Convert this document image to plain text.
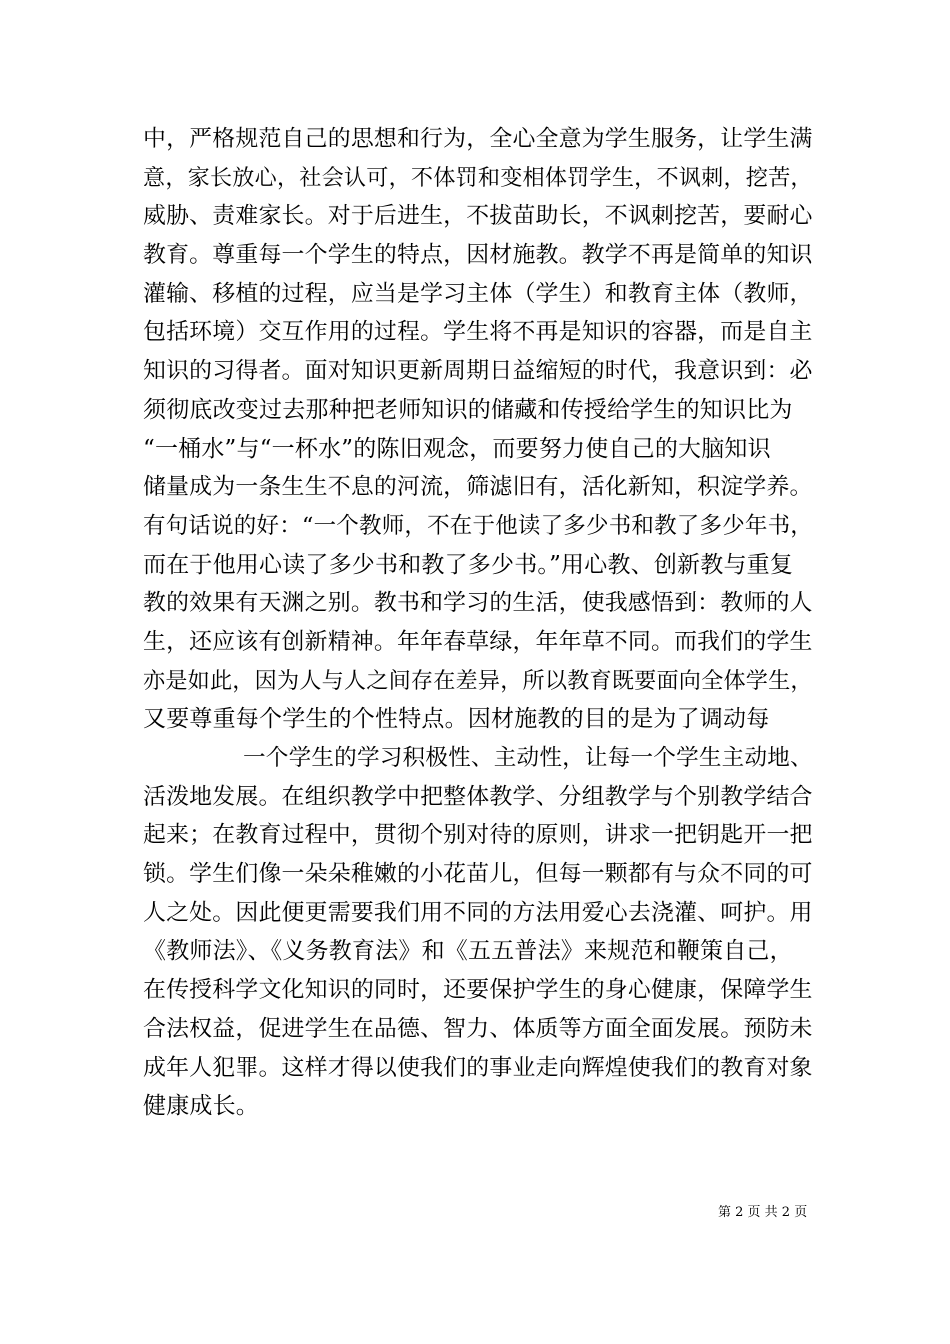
中，严格规范自己的思想和行为，全心全意为学生服务，让学生满
意，家长放心，社会认可，不体罚和变相体罚学生，不讽刺，挖苦，
威胁、责难家长。对于后进生，不拔苗助长，不讽刺挖苦，要耐心
教育。尊重每一个学生的特点，因材施教。教学不再是简单的知识
灌输、移植的过程，应当是学习主体（学生）和教育主体（教师，
包括环境）交互作用的过程。学生将不再是知识的容器，而是自主
知识的习得者。面对知识更新周期日益缩短的时代，我意识到：必
须彻底改变过去那种把老师知识的储藏和传授给学生的知识比为
“一桶水”与“一杯水”的陈旧观念，而要努力使自己的大脑知识
储量成为一条生生不息的河流，筛滤旧有，活化新知，积淀学养。
有句话说的好：“一个教师，不在于他读了多少书和教了多少年书，
而在于他用心读了多少书和教了多少书。”用心教、创新教与重复
教的效果有天渊之别。教书和学习的生活，使我感悟到：教师的人
生，还应该有创新精神。年年春草绿，年年草不同。而我们的学生
亦是如此，因为人与人之间存在差异，所以教育既要面向全体学生，
又要尊重每个学生的个性特点。因材施教的目的是为了调动每
一个学生的学习积极性、主动性，让每一个学生主动地、
活泼地发展。在组织教学中把整体教学、分组教学与个别教学结合
起来；在教育过程中，贯彻个别对待的原则，讲求一把钥匙开一把
锁。学生们像一朵朵稚嫩的小花苗儿，但每一颗都有与众不同的可
人之处。因此便更需要我们用不同的方法用爱心去浇灌、呵护。用
《教师法》、《义务教育法》和《五五普法》来规范和鞭策自己，
在传授科学文化知识的同时，还要保护学生的身心健康，保障学生
合法权益，促进学生在品德、智力、体质等方面全面发展。预防未
成年人犯罪。这样才得以使我们的事业走向辉煌使我们的教育对象
健康成长。
第 2 页 共 2 页
